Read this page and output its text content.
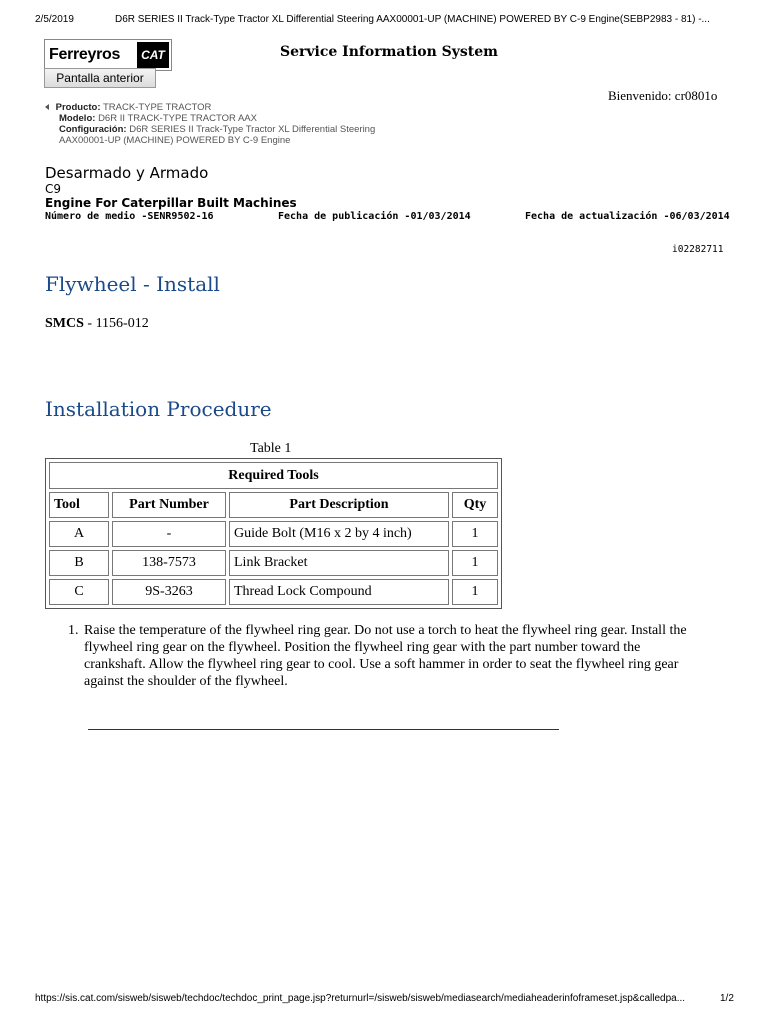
2/5/2019	D6R SERIES II Track-Type Tractor XL Differential Steering AAX00001-UP (MACHINE) POWERED BY C-9 Engine(SEBP2983 - 81) -...
Ferreyros	CAT
Pantalla anterior
Service Information System
Bienvenido: cr0801o
Producto: TRACK-TYPE TRACTOR
Modelo: D6R II TRACK-TYPE TRACTOR AAX
Configuración: D6R SERIES II Track-Type Tractor XL Differential Steering
AAX00001-UP (MACHINE) POWERED BY C-9 Engine
Desarmado y Armado
C9
Engine For Caterpillar Built Machines
Número de medio -SENR9502-16	Fecha de publicación -01/03/2014	Fecha de actualización -06/03/2014
i02282711
Flywheel - Install
SMCS - 1156-012
Installation Procedure
Table 1
Required Tools			
Tool	Part Number	Part Description	Qty
A	-	Guide Bolt (M16 x 2 by 4 inch)	1
B	138-7573	Link Bracket	1
C	9S-3263	Thread Lock Compound	1
1. Raise the temperature of the flywheel ring gear. Do not use a torch to heat the flywheel ring gear. Install the flywheel ring gear on the flywheel. Position the flywheel ring gear with the part number toward the crankshaft. Allow the flywheel ring gear to cool. Use a soft hammer in order to seat the flywheel ring gear against the shoulder of the flywheel.
https://sis.cat.com/sisweb/sisweb/techdoc/techdoc_print_page.jsp?returnurl=/sisweb/sisweb/mediasearch/mediaheaderinfoframeset.jsp&calledpa...	1/2
